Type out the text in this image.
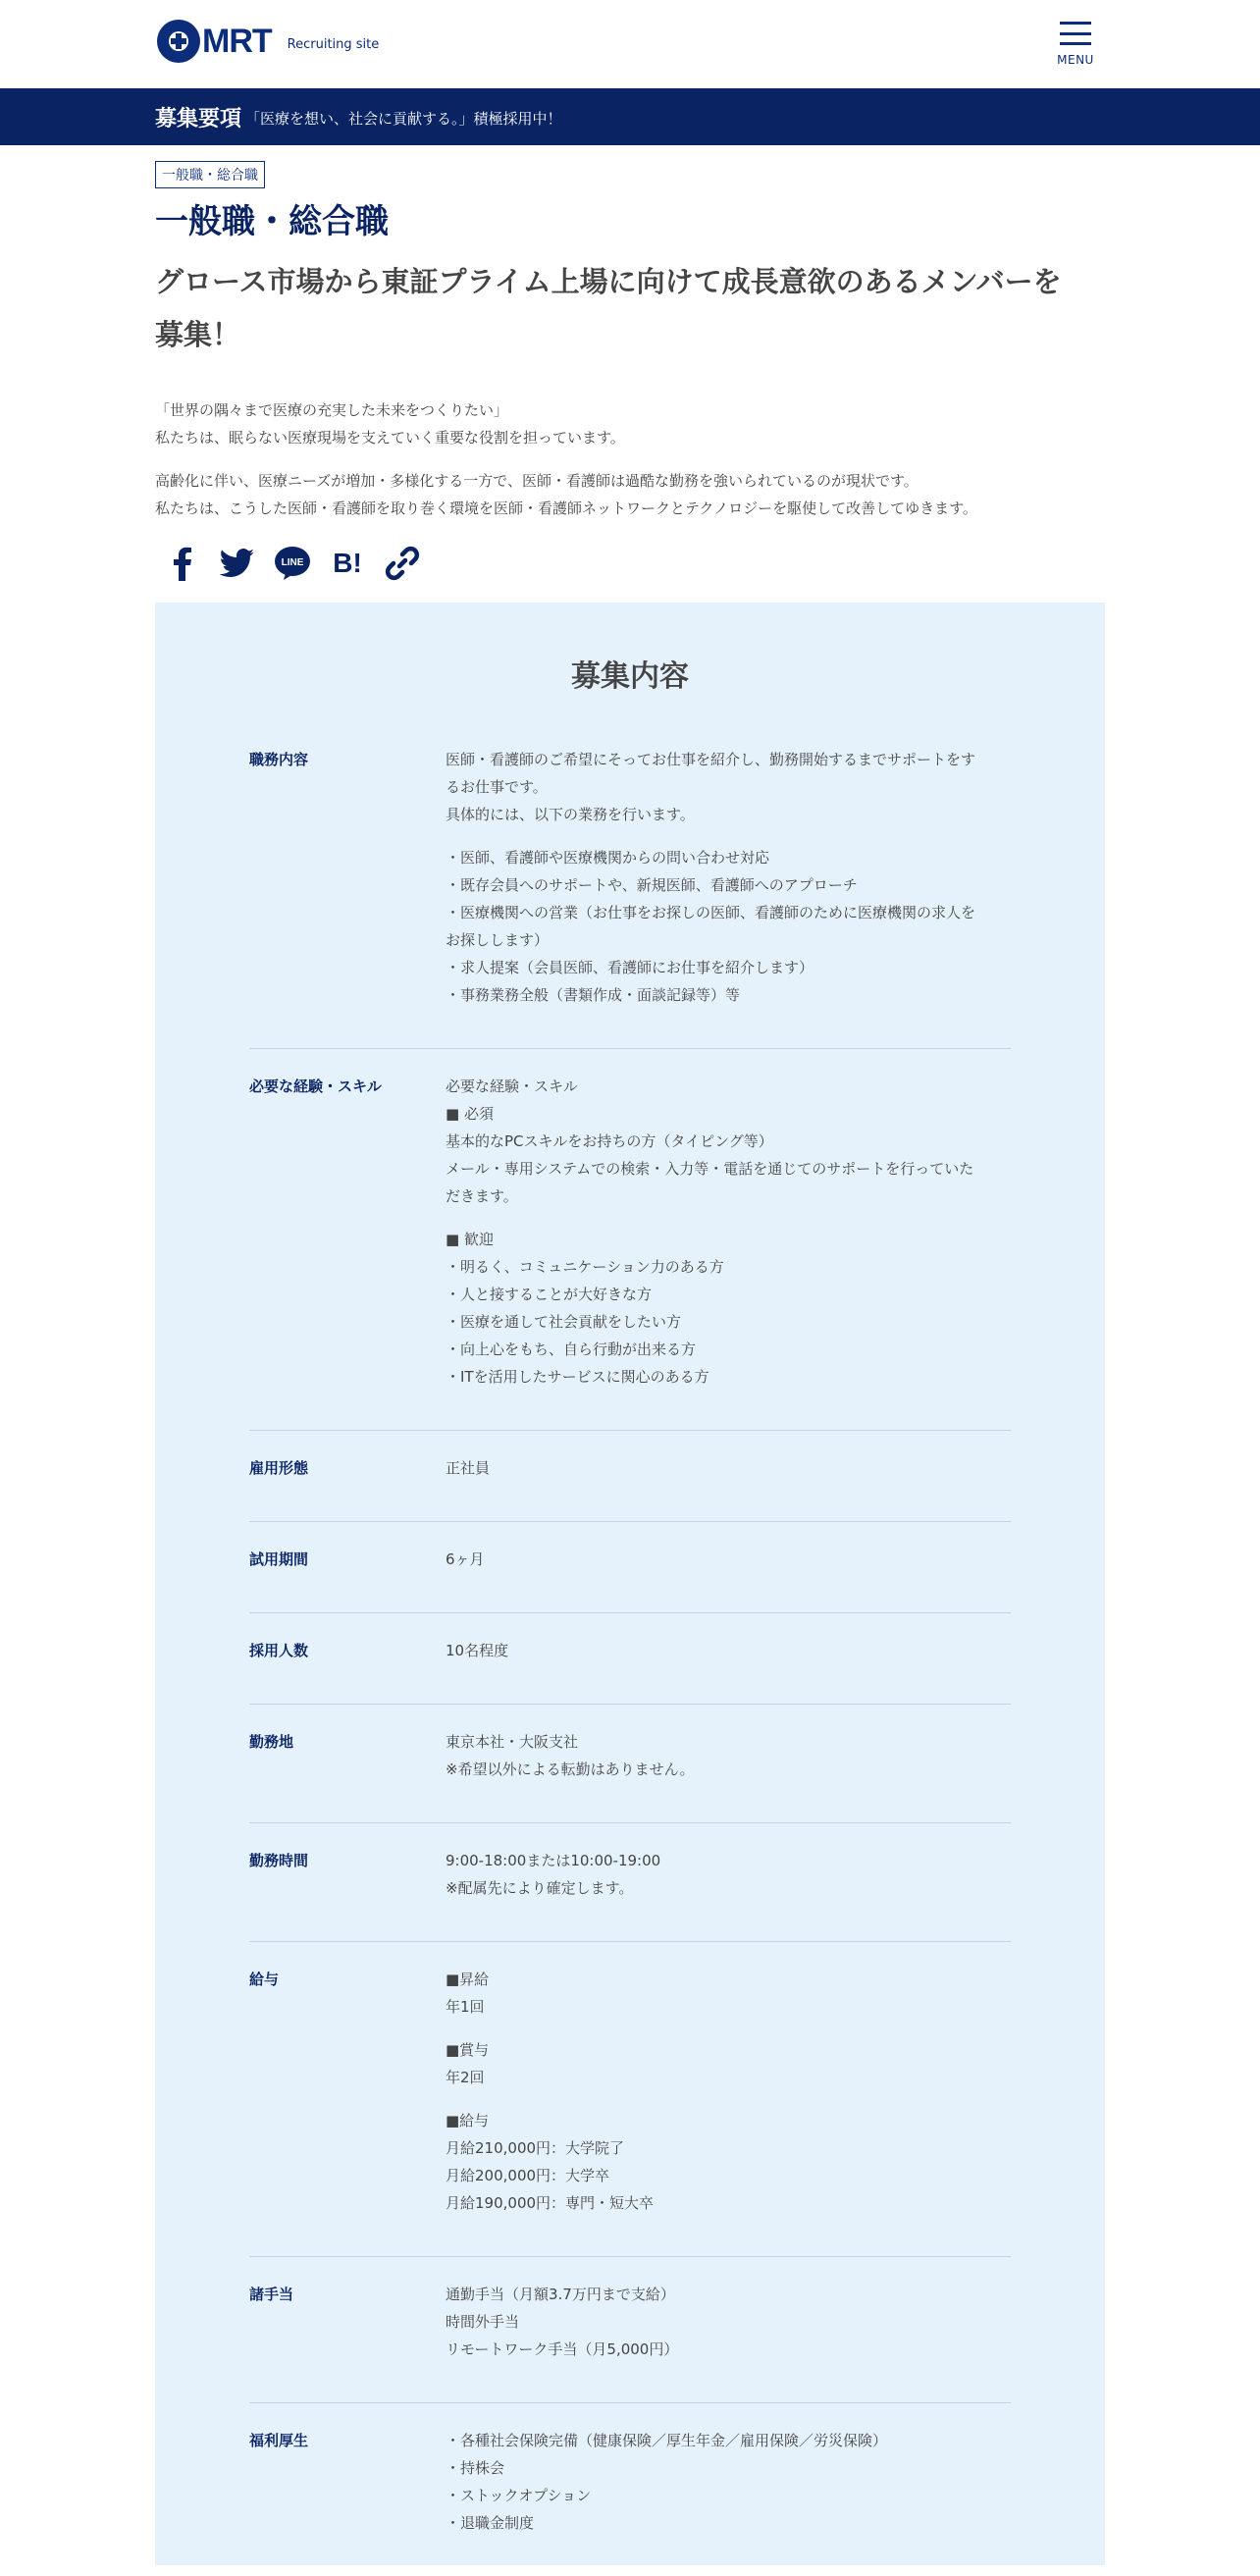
MRT Recruiting site
MENU
募集要項 「医療を想い、社会に貢献する。」積極採用中！
一般職・総合職
一般職・総合職
グロース市場から東証プライム上場に向けて成長意欲のあるメンバーを
募集！

「世界の隅々まで医療の充実した未来をつくりたい」
私たちは、眠らない医療現場を支えていく重要な役割を担っています。

高齢化に伴い、医療ニーズが増加・多様化する一方で、医師・看護師は過酷な勤務を強いられているのが現状です。
私たちは、こうした医師・看護師を取り巻く環境を医師・看護師ネットワークとテクノロジーを駆使して改善してゆきます。

LINE B!
募集内容
職務内容	医師・看護師のご希望にそってお仕事を紹介し、勤務開始するまでサポートをす
るお仕事です。
具体的には、以下の業務を行います。
・医師、看護師や医療機関からの問い合わせ対応
・既存会員へのサポートや、新規医師、看護師へのアプローチ
・医療機関への営業（お仕事をお探しの医師、看護師のために医療機関の求人を
お探しします）
・求人提案（会員医師、看護師にお仕事を紹介します）
・事務業務全般（書類作成・面談記録等）等
必要な経験・スキル	必要な経験・スキル
■ 必須
基本的なPCスキルをお持ちの方（タイピング等）
メール・専用システムでの検索・入力等・電話を通じてのサポートを行っていた
だきます。
■ 歓迎
・明るく、コミュニケーション力のある方
・人と接することが大好きな方
・医療を通して社会貢献をしたい方
・向上心をもち、自ら行動が出来る方
・ITを活用したサービスに関心のある方
雇用形態	正社員
試用期間	6ヶ月
採用人数	10名程度
勤務地	東京本社・大阪支社
※希望以外による転勤はありません。
勤務時間	9:00-18:00または10:00-19:00
※配属先により確定します。
給与	■昇給
年1回
■賞与
年2回
■給与
月給210,000円：大学院了
月給200,000円：大学卒
月給190,000円：専門・短大卒
諸手当	通勤手当（月額3.7万円まで支給）
時間外手当
リモートワーク手当（月5,000円）
福利厚生	・各種社会保険完備（健康保険／厚生年金／雇用保険／労災保険）
・持株会
・ストックオプション
・退職金制度
